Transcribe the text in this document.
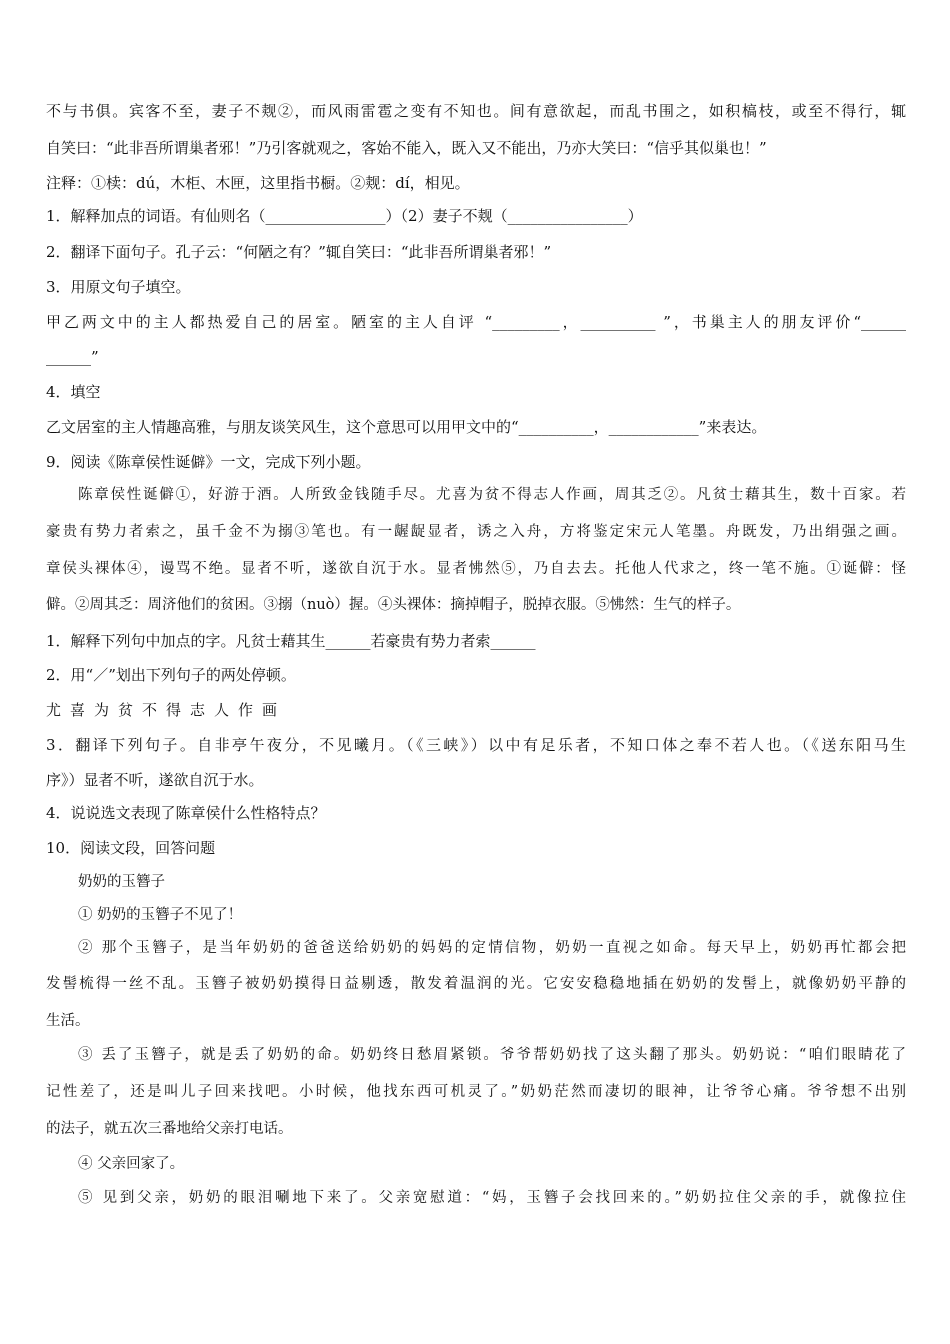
不与书俱。宾客不至，妻子不觌②，而风雨雷雹之变有不知也。间有意欲起，而乱书围之，如积槁枝，或至不得行，辄
自笑曰：“此非吾所谓巢者邪！”乃引客就观之，客始不能入，既入又不能出，乃亦大笑曰：“信乎其似巢也！”
注释：①椟：dú，木柜、木匣，这里指书橱。②觌：dí，相见。
1．解释加点的词语。有仙则名（________________）（2）妻子不觌（________________）
2．翻译下面句子。孔子云：“何陋之有？”辄自笑曰：“此非吾所谓巢者邪！”
3．用原文句子填空。
甲乙两文中的主人都热爱自己的居室。陋室的主人自评 “_________，__________ ”，书巢主人的朋友评价“______
______”
4．填空
乙文居室的主人情趣高雅，与朋友谈笑风生，这个意思可以用甲文中的“__________，____________”来表达。
9．阅读《陈章侯性诞僻》一文，完成下列小题。
陈章侯性诞僻①，好游于酒。人所致金钱随手尽。尤喜为贫不得志人作画，周其乏②。凡贫士藉其生，数十百家。若
豪贵有势力者索之，虽千金不为搦③笔也。有一龌龊显者，诱之入舟，方将鉴定宋元人笔墨。舟既发，乃出绢强之画。
章侯头裸体④，谩骂不绝。显者不听，遂欲自沉于水。显者怫然⑤，乃自去去。托他人代求之，终一笔不施。①诞僻：怪
僻。②周其乏：周济他们的贫困。③搦（nuò）握。④头裸体：摘掉帽子，脱掉衣服。⑤怫然：生气的样子。
1．解释下列句中加点的字。凡贫士藉其生______若豪贵有势力者索______
2．用“／”划出下列句子的两处停顿。
尤喜为贫不得志人作画
3．翻译下列句子。自非亭午夜分，不见曦月。（《三峡》）以中有足乐者，不知口体之奉不若人也。（《送东阳马生
序》）显者不听，遂欲自沉于水。
4．说说选文表现了陈章侯什么性格特点？
10．阅读文段，回答问题
奶奶的玉簪子
① 奶奶的玉簪子不见了！
② 那个玉簪子，是当年奶奶的爸爸送给奶奶的妈妈的定情信物，奶奶一直视之如命。每天早上，奶奶再忙都会把
发髻梳得一丝不乱。玉簪子被奶奶摸得日益剔透，散发着温润的光。它安安稳稳地插在奶奶的发髻上，就像奶奶平静的
生活。
③ 丢了玉簪子，就是丢了奶奶的命。奶奶终日愁眉紧锁。爷爷帮奶奶找了这头翻了那头。奶奶说：“咱们眼睛花了
记性差了，还是叫儿子回来找吧。小时候，他找东西可机灵了。”奶奶茫然而凄切的眼神，让爷爷心痛。爷爷想不出别
的法子，就五次三番地给父亲打电话。
④ 父亲回家了。
⑤ 见到父亲，奶奶的眼泪唰地下来了。父亲宽慰道：“妈，玉簪子会找回来的。”奶奶拉住父亲的手，就像拉住
